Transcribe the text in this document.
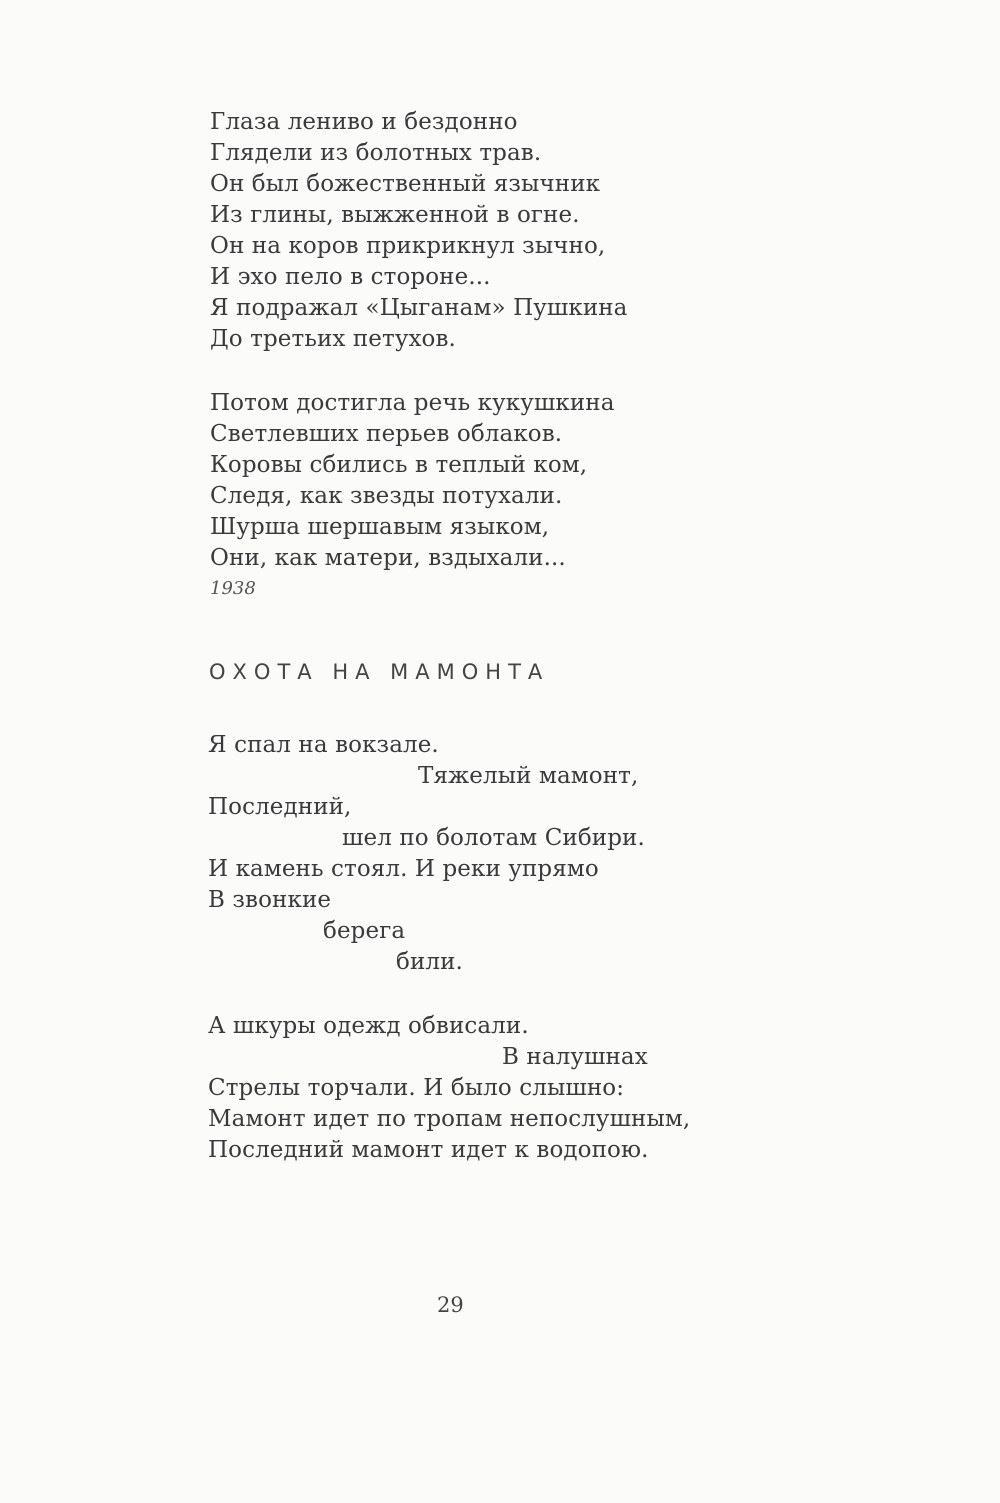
Глаза лениво и бездонно
Глядели из болотных трав.
Он был божественный язычник
Из глины, выжженной в огне.
Он на коров прикрикнул зычно,
И эхо пело в стороне...
Я подражал «Цыганам» Пушкина
До третьих петухов.
Потом достигла речь кукушкина
Светлевших перьев облаков.
Коровы сбились в теплый ком,
Следя, как звезды потухали.
Шурша шершавым языком,
Они, как матери, вздыхали...
1938
ОХОТА НА МАМОНТА
Я спал на вокзале.
Тяжелый мамонт,
Последний,
шел по болотам Сибири.
И камень стоял. И реки упрямо
В звонкие
берега
били.
А шкуры одежд обвисали.
В налушнах
Стрелы торчали. И было слышно:
Мамонт идет по тропам непослушным,
Последний мамонт идет к водопою.
29
